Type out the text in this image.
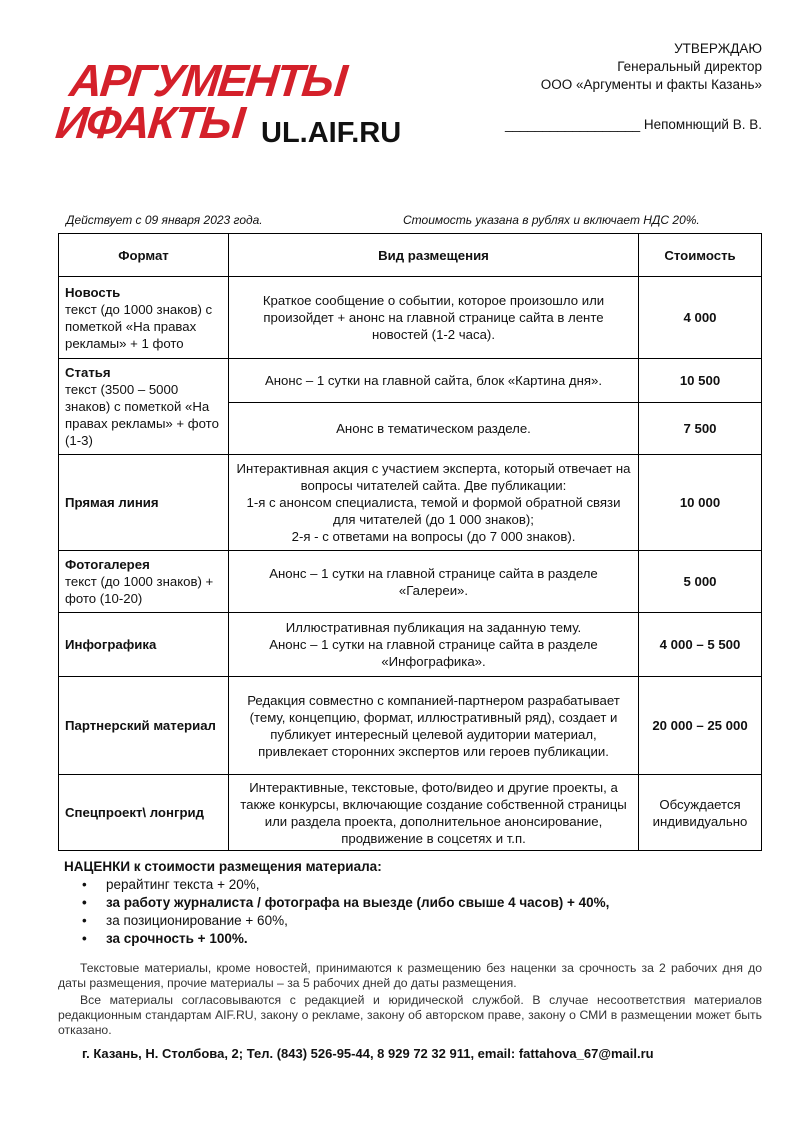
АРГУМЕНТЫ
ИФАКТЫ UL.AIF.RU
УТВЕРЖДАЮ
Генеральный директор
ООО «Аргументы и факты Казань»
__________________ Непомнющий В. В.
Действует с 09 января 2023 года.	Стоимость указана в рублях и включает НДС 20%.
Формат	Вид размещения	Стоимость

Новость
текст (до 1000 знаков) с пометкой «На правах рекламы» + 1 фото	Краткое сообщение о событии, которое произошло или произойдет + анонс на главной странице сайта в ленте новостей (1-2 часа).	4 000

Статья
текст (3500 – 5000 знаков) с пометкой «На правах рекламы» + фото (1-3)	Анонс – 1 сутки на главной сайта, блок «Картина дня».	10 500
	Анонс в тематическом разделе.	7 500

Прямая линия	Интерактивная акция с участием эксперта, который отвечает на вопросы читателей сайта. Две публикации:
1-я с анонсом специалиста, темой и формой обратной связи для читателей (до 1 000 знаков);
2-я - с ответами на вопросы (до 7 000 знаков).	10 000

Фотогалерея
текст (до 1000 знаков) + фото (10-20)	Анонс – 1 сутки на главной странице сайта в разделе «Галереи».	5 000

Инфографика	Иллюстративная публикация на заданную тему.
Анонс – 1 сутки на главной странице сайта в разделе «Инфографика».	4 000 – 5 500

Партнерский материал	Редакция совместно с компанией-партнером разрабатывает (тему, концепцию, формат, иллюстративный ряд), создает и публикует интересный целевой аудитории материал, привлекает сторонних экспертов или героев публикации.	20 000 – 25 000

Спецпроект\ лонгрид	Интерактивные, текстовые, фото/видео и другие проекты, а также конкурсы, включающие создание собственной страницы или раздела проекта, дополнительное анонсирование, продвижение в соцсетях и т.п.	Обсуждается индивидуально
НАЦЕНКИ к стоимости размещения материала:
• рерайтинг текста + 20%,
• за работу журналиста / фотографа на выезде (либо свыше 4 часов) + 40%,
• за позиционирование + 60%,
• за срочность + 100%.
Текстовые материалы, кроме новостей, принимаются к размещению без наценки за срочность за 2 рабочих дня до даты размещения, прочие материалы – за 5 рабочих дней до даты размещения.
Все материалы согласовываются с редакцией и юридической службой. В случае несоответствия материалов редакционным стандартам AIF.RU, закону о рекламе, закону об авторском праве, закону о СМИ в размещении может быть отказано.
г. Казань, Н. Столбова, 2; Тел. (843) 526-95-44, 8 929 72 32 911, email: fattahova_67@mail.ru
